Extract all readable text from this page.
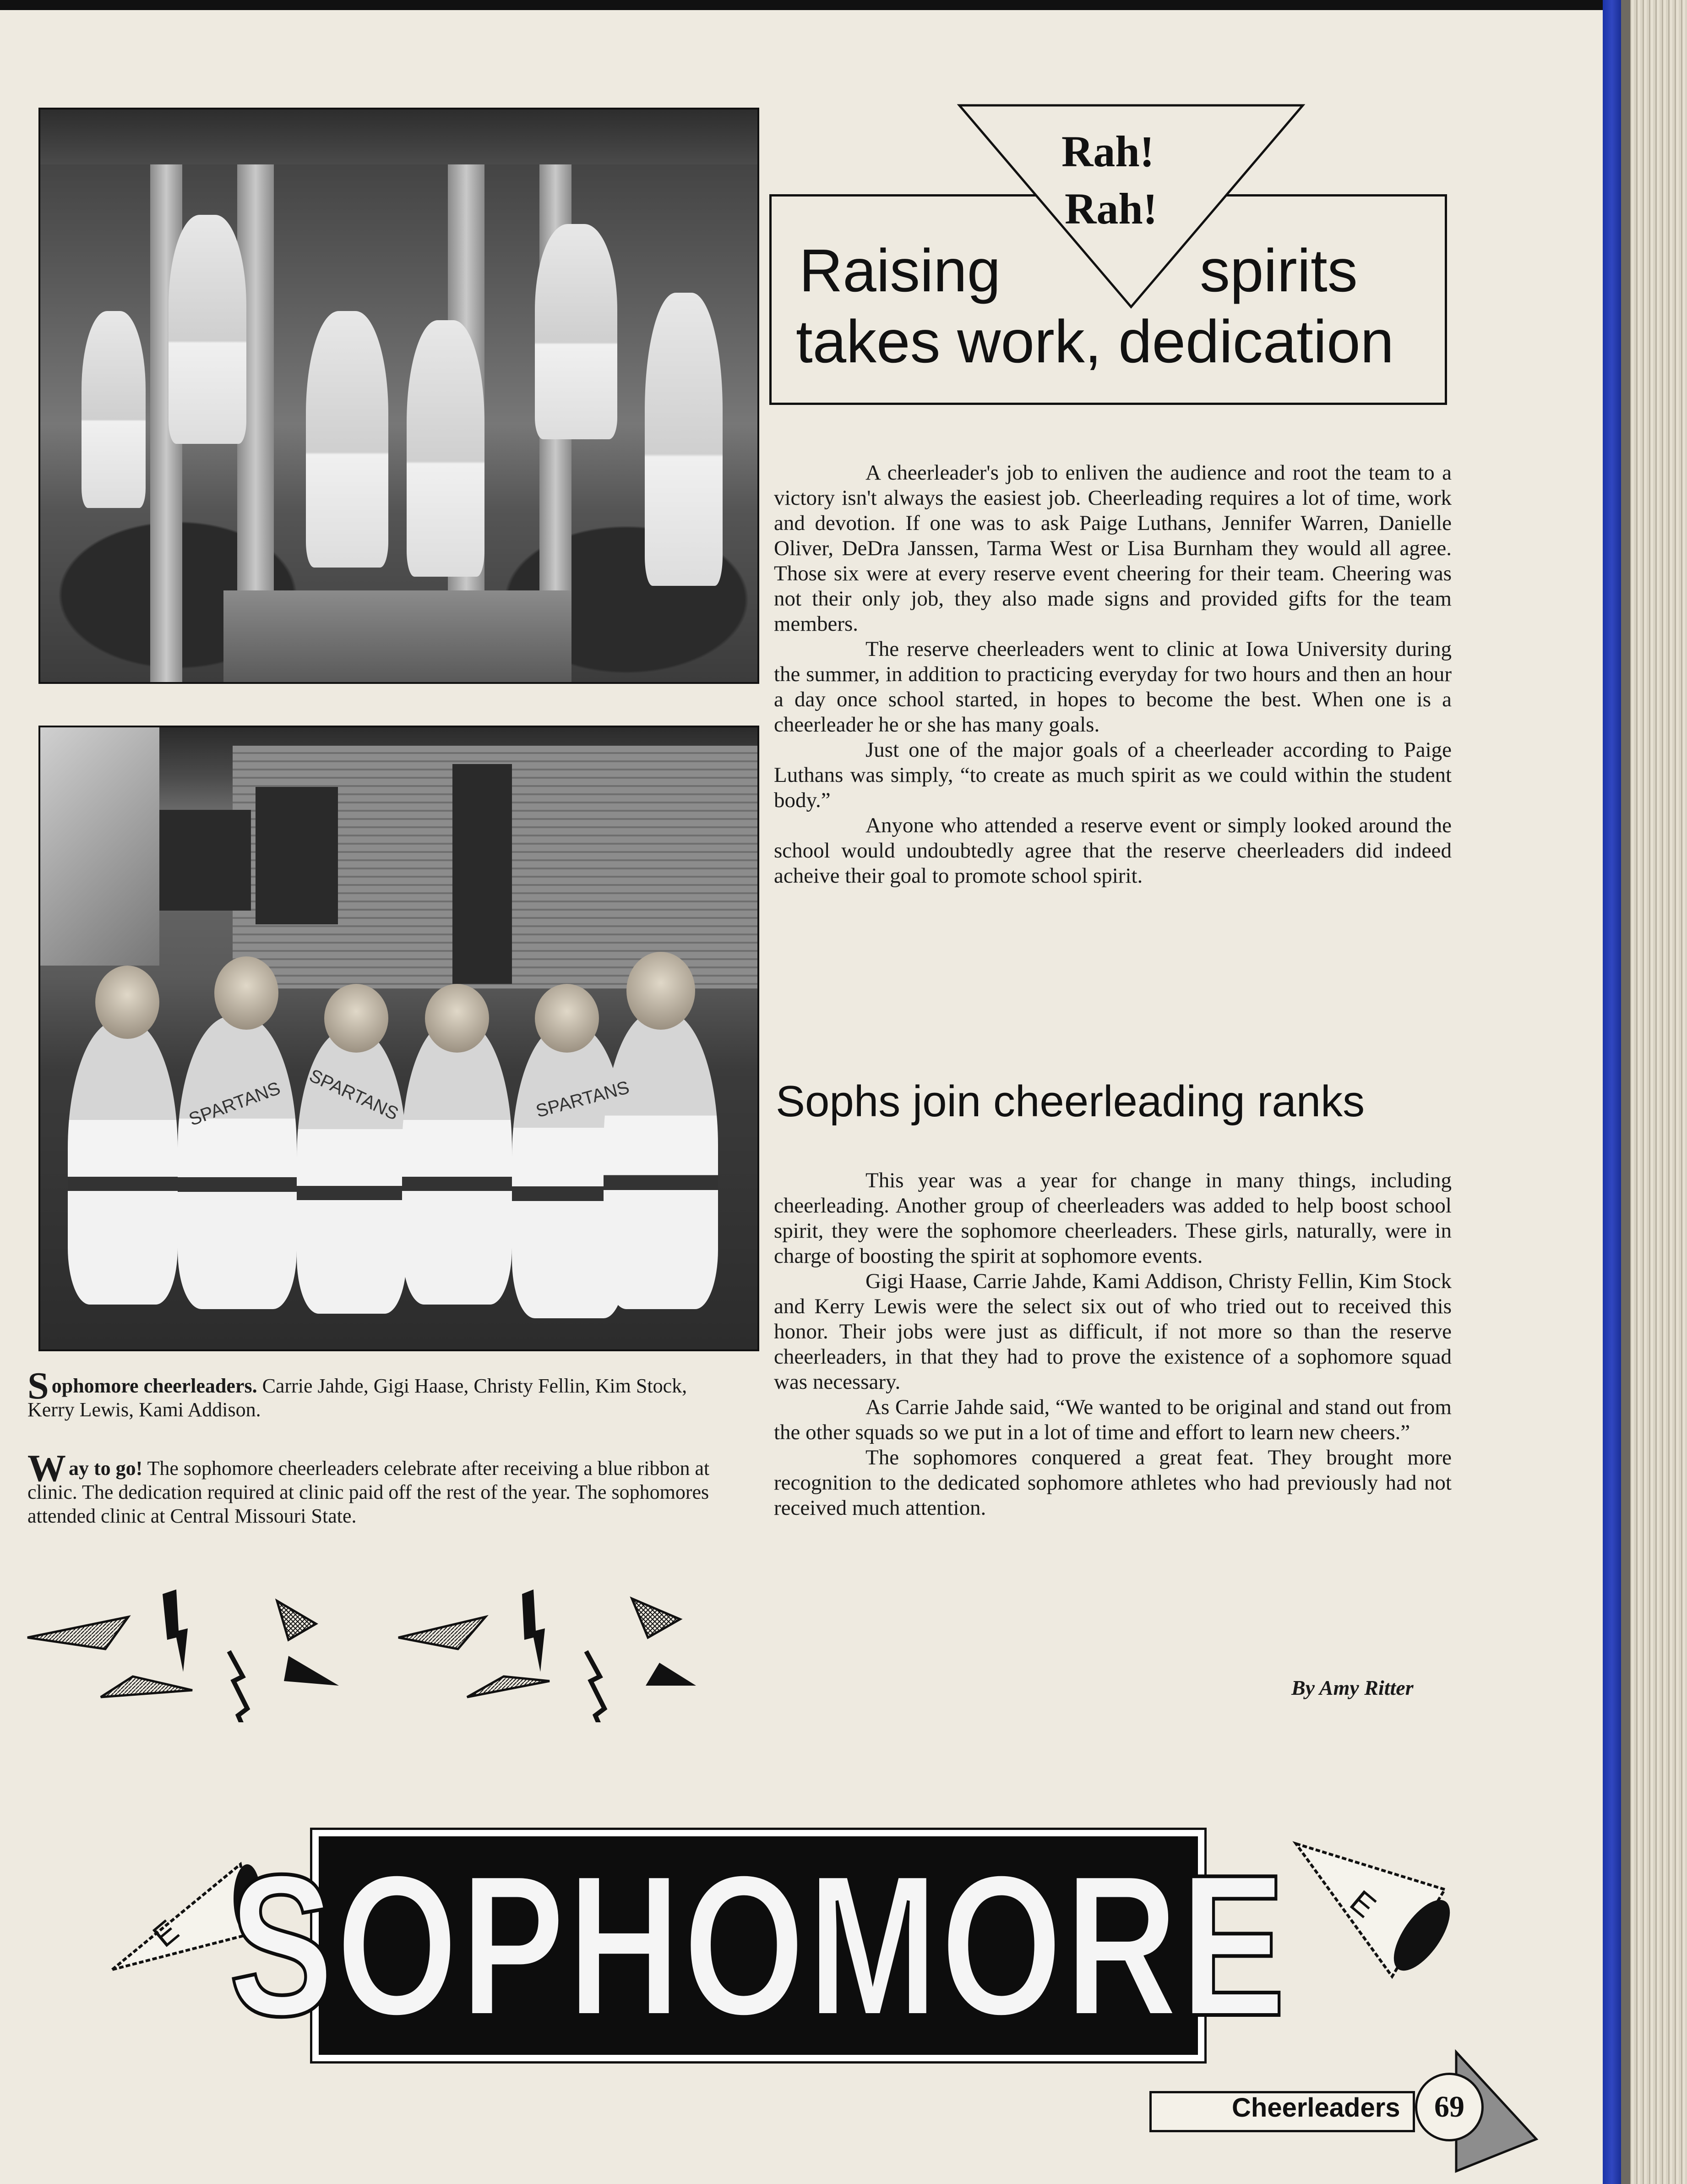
SPARTANS SPARTANS	SPARTANS

Sophomore cheerleaders. Carrie Jahde, Gigi Haase, Christy Fellin, Kim Stock, Kerry Lewis, Kami Addison.

Way to go! The sophomore cheerleaders celebrate after receiving a blue ribbon at clinic. The dedication required at clinic paid off the rest of the year. The sophomores attended clinic at Central Missouri State.

Rah!
Rah!
Raising	spirits
takes work, dedication

A cheerleader's job to enliven the audience and root the team to a victory isn't always the easiest job. Cheerleading requires a lot of time, work and devotion. If one was to ask Paige Luthans, Jennifer Warren, Danielle Oliver, DeDra Janssen, Tarma West or Lisa Burnham they would all agree. Those six were at every reserve event cheering for their team. Cheering was not their only job, they also made signs and provided gifts for the team members.

The reserve cheerleaders went to clinic at Iowa University during the summer, in addition to practicing everyday for two hours and then an hour a day once school started, in hopes to become the best. When one is a cheerleader he or she has many goals.

Just one of the major goals of a cheerleader according to Paige Luthans was simply, “to create as much spirit as we could within the student body.”

Anyone who attended a reserve event or simply looked around the school would undoubtedly agree that the reserve cheerleaders did indeed acheive their goal to promote school spirit.

Sophs join cheerleading ranks

This year was a year for change in many things, including cheerleading. Another group of cheerleaders was added to help boost school spirit, they were the sophomore cheerleaders. These girls, naturally, were in charge of boosting the spirit at sophomore events.

Gigi Haase, Carrie Jahde, Kami Addison, Christy Fellin, Kim Stock and Kerry Lewis were the select six out of who tried out to received this honor. Their jobs were just as difficult, if not more so than the reserve cheerleaders, in that they had to prove the existence of a sophomore squad was necessary.

As Carrie Jahde said, “We wanted to be original and stand out from the other squads so we put in a lot of time and effort to learn new cheers.”

The sophomores conquered a great feat. They brought more recognition to the dedicated sophomore athletes who had previously had not received much attention.

By Amy Ritter
E
E
SOPHOMORE
Cheerleaders	69
